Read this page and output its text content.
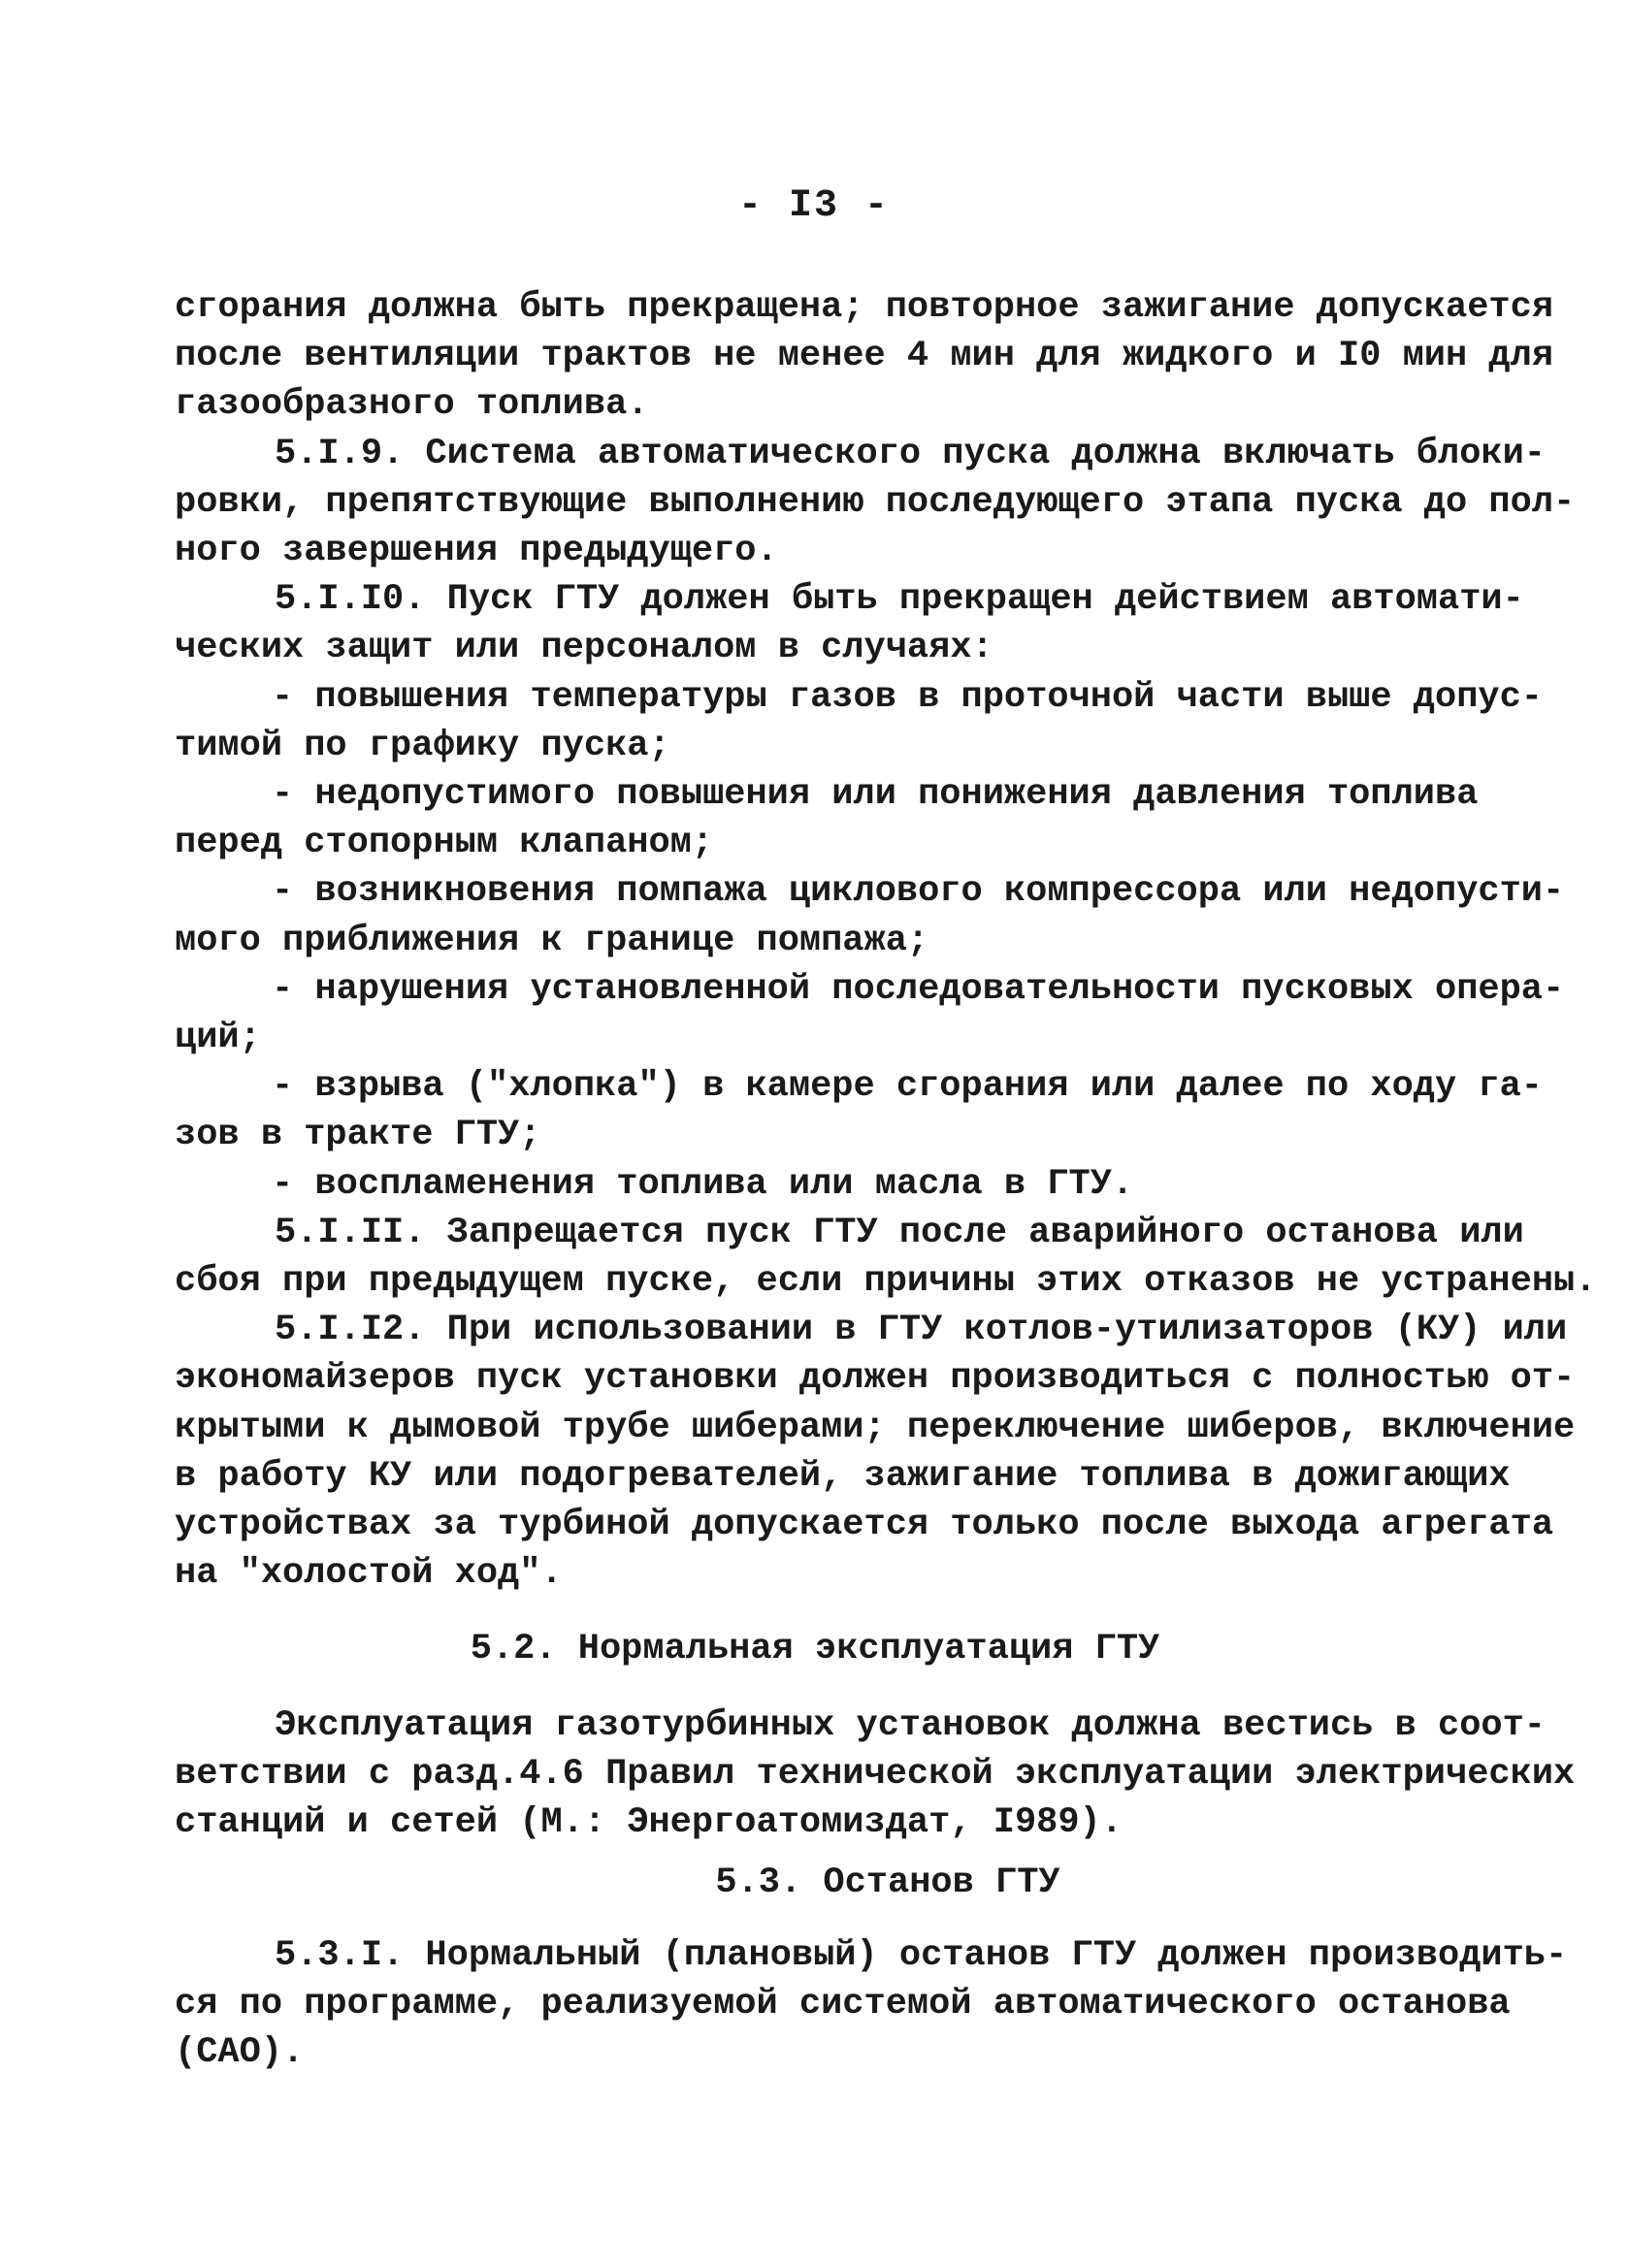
- I3 -

сгорания должна быть прекращена; повторное зажигание допускается

после вентиляции трактов не менее 4 мин для жидкого и I0 мин для

газообразного топлива.

5.I.9. Система автоматического пуска должна включать блоки-

ровки, препятствующие выполнению последующего этапа пуска до пол-

ного завершения предыдущего.

5.I.I0. Пуск ГТУ должен быть прекращен действием автомати-

ческих защит или персоналом в случаях:

- повышения температуры газов в проточной части выше допус-

тимой по графику пуска;

- недопустимого повышения или понижения давления топлива

перед стопорным клапаном;

- возникновения помпажа циклового компрессора или недопусти-

мого приближения к границе помпажа;

- нарушения установленной последовательности пусковых опера-

ций;

- взрыва ("хлопка") в камере сгорания или далее по ходу га-

зов в тракте ГТУ;

- воспламенения топлива или масла в ГТУ.

5.I.II. Запрещается пуск ГТУ после аварийного останова или

сбоя при предыдущем пуске, если причины этих отказов не устранены.

5.I.I2. При использовании в ГТУ котлов-утилизаторов (КУ) или

экономайзеров пуск установки должен производиться с полностью от-

крытыми к дымовой трубе шиберами; переключение шиберов, включение

в работу КУ или подогревателей, зажигание топлива в дожигающих

устройствах за турбиной допускается только после выхода агрегата

на "холостой ход".

5.2. Нормальная эксплуатация ГТУ

Эксплуатация газотурбинных установок должна вестись в соот-

ветствии с разд.4.6 Правил технической эксплуатации электрических

станций и сетей (М.: Энергоатомиздат, I989).

5.3. Останов ГТУ

5.3.I. Нормальный (плановый) останов ГТУ должен производить-

ся по программе, реализуемой системой автоматического останова

(САО).
